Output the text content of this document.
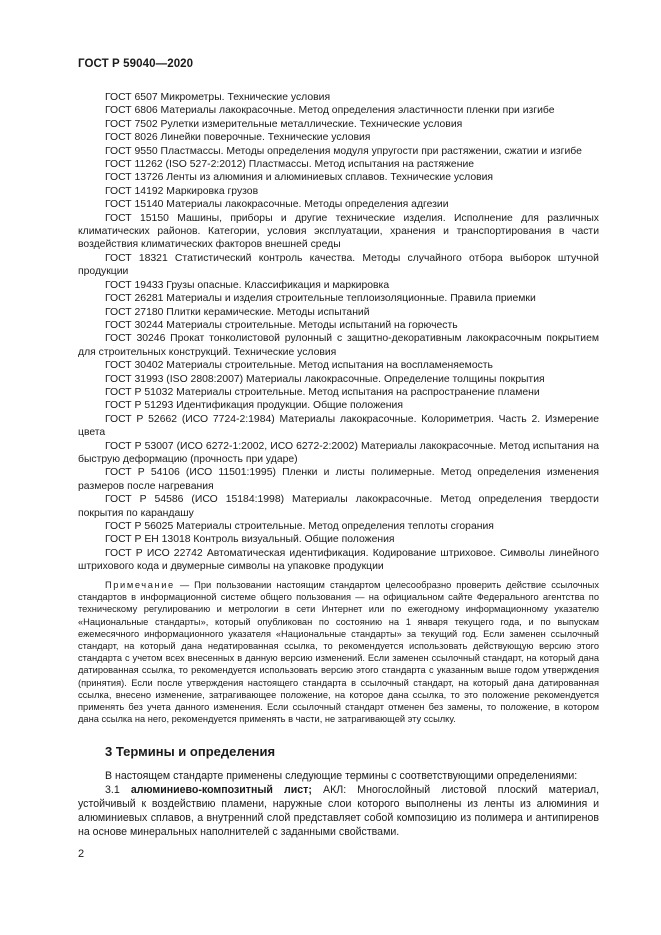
ГОСТ Р 59040—2020

ГОСТ 6507 Микрометры. Технические условия

ГОСТ 6806 Материалы лакокрасочные. Метод определения эластичности пленки при изгибе

ГОСТ 7502 Рулетки измерительные металлические. Технические условия

ГОСТ 8026 Линейки поверочные. Технические условия

ГОСТ 9550 Пластмассы. Методы определения модуля упругости при растяжении, сжатии и изгибе

ГОСТ 11262 (ISO 527-2:2012) Пластмассы. Метод испытания на растяжение

ГОСТ 13726 Ленты из алюминия и алюминиевых сплавов. Технические условия

ГОСТ 14192 Маркировка грузов

ГОСТ 15140 Материалы лакокрасочные. Методы определения адгезии

ГОСТ 15150 Машины, приборы и другие технические изделия. Исполнение для различных климатических районов. Категории, условия эксплуатации, хранения и транспортирования в части воздействия климатических факторов внешней среды

ГОСТ 18321 Статистический контроль качества. Методы случайного отбора выборок штучной продукции

ГОСТ 19433 Грузы опасные. Классификация и маркировка

ГОСТ 26281 Материалы и изделия строительные теплоизоляционные. Правила приемки

ГОСТ 27180 Плитки керамические. Методы испытаний

ГОСТ 30244 Материалы строительные. Методы испытаний на горючесть

ГОСТ 30246 Прокат тонколистовой рулонный с защитно-декоративным лакокрасочным покрытием для строительных конструкций. Технические условия

ГОСТ 30402 Материалы строительные. Метод испытания на воспламеняемость

ГОСТ 31993 (ISO 2808:2007) Материалы лакокрасочные. Определение толщины покрытия

ГОСТ Р 51032 Материалы строительные. Метод испытания на распространение пламени

ГОСТ Р 51293 Идентификация продукции. Общие положения

ГОСТ Р 52662 (ИСО 7724-2:1984) Материалы лакокрасочные. Колориметрия. Часть 2. Измерение цвета

ГОСТ Р 53007 (ИСО 6272-1:2002, ИСО 6272-2:2002) Материалы лакокрасочные. Метод испытания на быструю деформацию (прочность при ударе)

ГОСТ Р 54106 (ИСО 11501:1995) Пленки и листы полимерные. Метод определения изменения размеров после нагревания

ГОСТ Р 54586 (ИСО 15184:1998) Материалы лакокрасочные. Метод определения твердости покрытия по карандашу

ГОСТ Р 56025 Материалы строительные. Метод определения теплоты сгорания

ГОСТ Р ЕН 13018 Контроль визуальный. Общие положения

ГОСТ Р ИСО 22742 Автоматическая идентификация. Кодирование штриховое. Символы линейного штрихового кода и двумерные символы на упаковке продукции

Примечание — При пользовании настоящим стандартом целесообразно проверить действие ссылочных стандартов в информационной системе общего пользования — на официальном сайте Федерального агентства по техническому регулированию и метрологии в сети Интернет или по ежегодному информационному указателю «Национальные стандарты», который опубликован по состоянию на 1 января текущего года, и по выпускам ежемесячного информационного указателя «Национальные стандарты» за текущий год. Если заменен ссылочный стандарт, на который дана недатированная ссылка, то рекомендуется использовать действующую версию этого стандарта с учетом всех внесенных в данную версию изменений. Если заменен ссылочный стандарт, на который дана датированная ссылка, то рекомендуется использовать версию этого стандарта с указанным выше годом утверждения (принятия). Если после утверждения настоящего стандарта в ссылочный стандарт, на который дана датированная ссылка, внесено изменение, затрагивающее положение, на которое дана ссылка, то это положение рекомендуется применять без учета данного изменения. Если ссылочный стандарт отменен без замены, то положение, в котором дана ссылка на него, рекомендуется применять в части, не затрагивающей эту ссылку.
3 Термины и определения

В настоящем стандарте применены следующие термины с соответствующими определениями:

3.1 алюминиево-композитный лист; АКЛ: Многослойный листовой плоский материал, устойчивый к воздействию пламени, наружные слои которого выполнены из ленты из алюминия и алюминиевых сплавов, а внутренний слой представляет собой композицию из полимера и антипиренов на основе минеральных наполнителей с заданными свойствами.

2
